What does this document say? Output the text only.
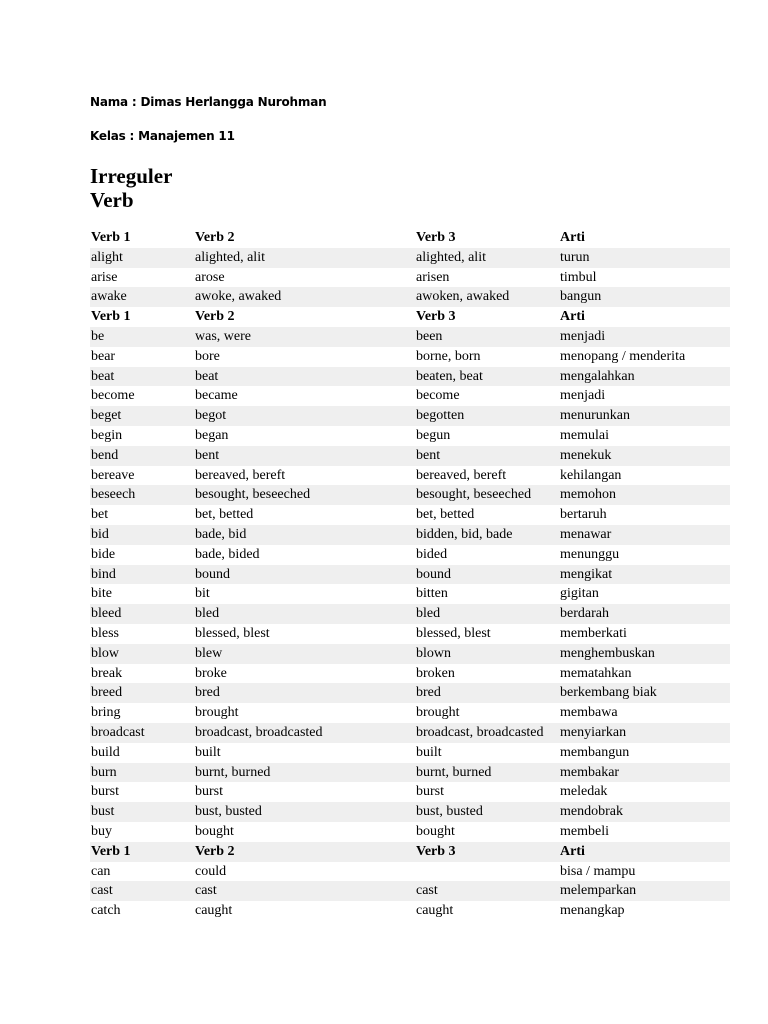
Nama : Dimas Herlangga Nurohman
Kelas : Manajemen 11
Irreguler
Verb
Verb 1	Verb 2	Verb 3	Arti
alight	alighted, alit	alighted, alit	turun
arise	arose	arisen	timbul
awake	awoke, awaked	awoken, awaked	bangun
Verb 1	Verb 2	Verb 3	Arti
be	was, were	been	menjadi
bear	bore	borne, born	menopang / menderita
beat	beat	beaten, beat	mengalahkan
become	became	become	menjadi
beget	begot	begotten	menurunkan
begin	began	begun	memulai
bend	bent	bent	menekuk
bereave	bereaved, bereft	bereaved, bereft	kehilangan
beseech	besought, beseeched	besought, beseeched	memohon
bet	bet, betted	bet, betted	bertaruh
bid	bade, bid	bidden, bid, bade	menawar
bide	bade, bided	bided	menunggu
bind	bound	bound	mengikat
bite	bit	bitten	gigitan
bleed	bled	bled	berdarah
bless	blessed, blest	blessed, blest	memberkati
blow	blew	blown	menghembuskan
break	broke	broken	mematahkan
breed	bred	bred	berkembang biak
bring	brought	brought	membawa
broadcast	broadcast, broadcasted	broadcast, broadcasted	menyiarkan
build	built	built	membangun
burn	burnt, burned	burnt, burned	membakar
burst	burst	burst	meledak
bust	bust, busted	bust, busted	mendobrak
buy	bought	bought	membeli
Verb 1	Verb 2	Verb 3	Arti
can	could		bisa / mampu
cast	cast	cast	melemparkan
catch	caught	caught	menangkap
